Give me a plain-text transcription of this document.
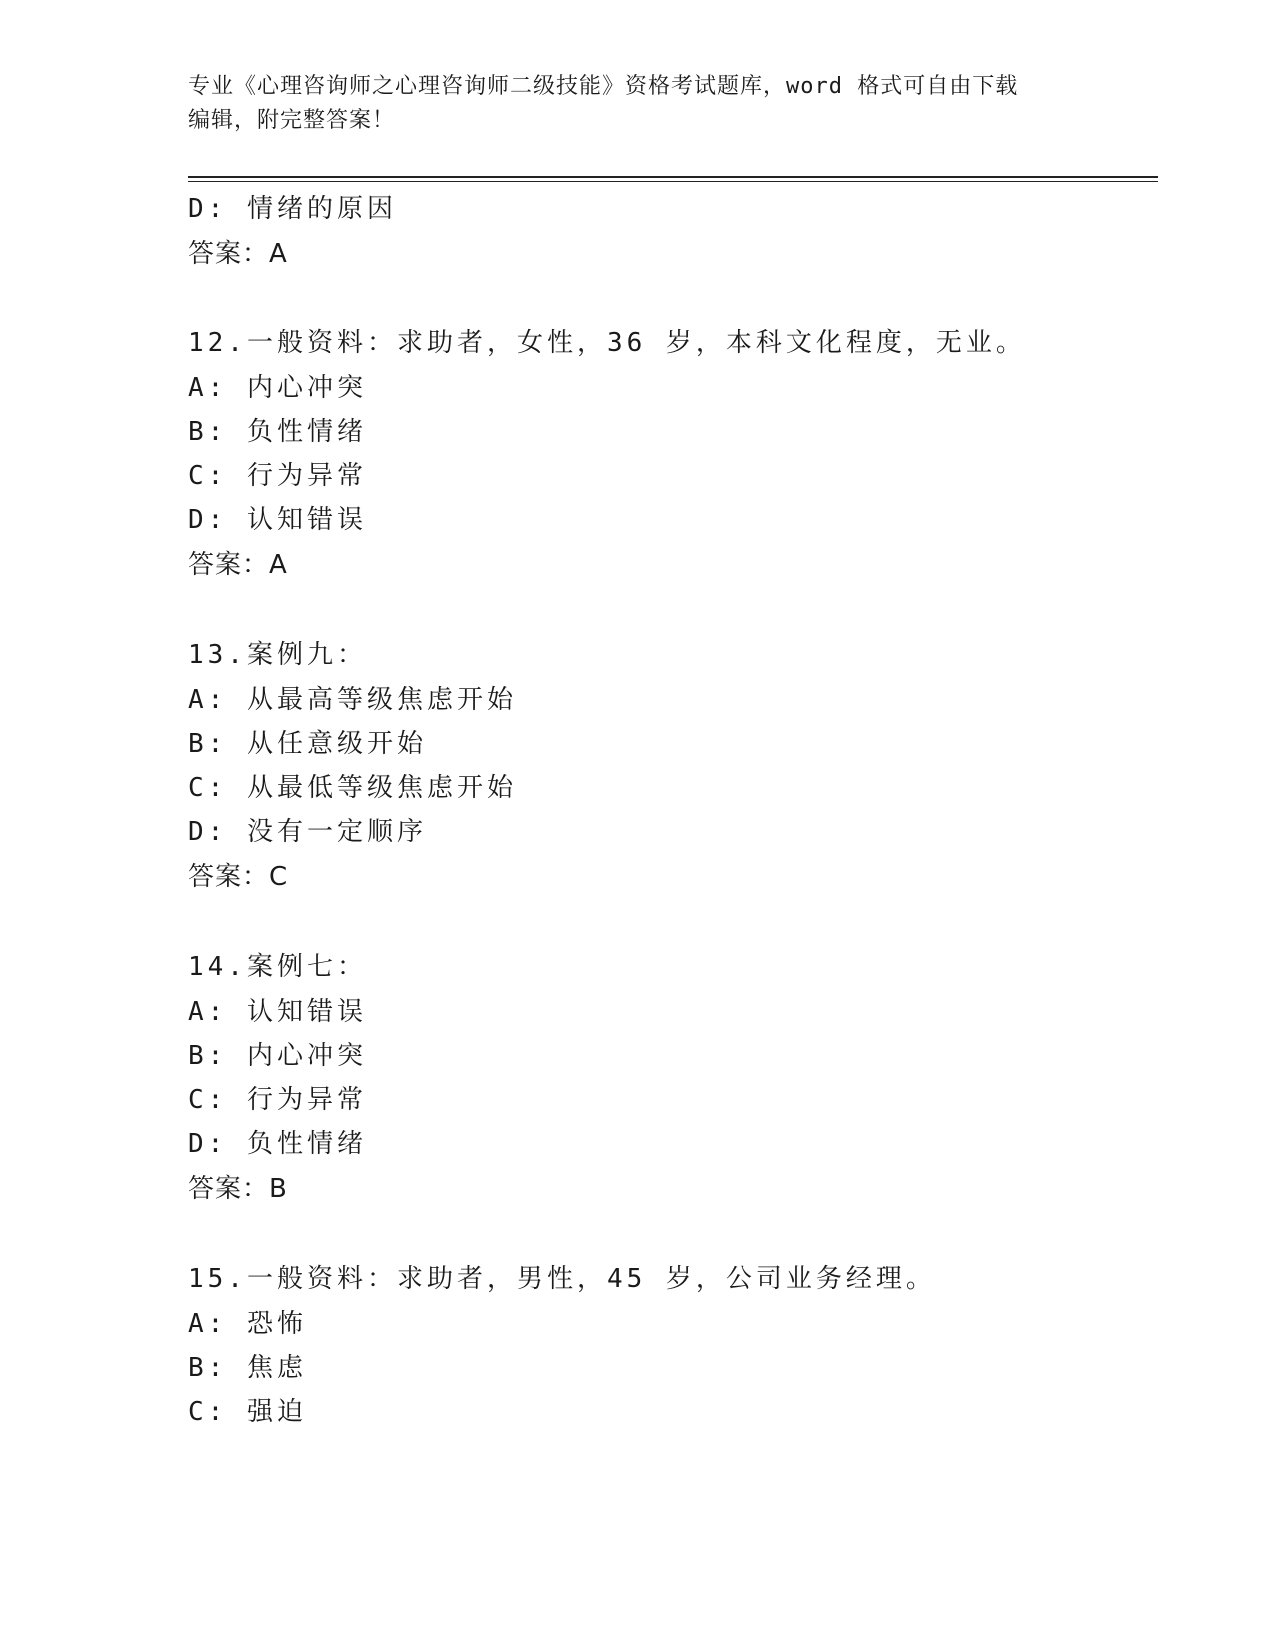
专业《心理咨询师之心理咨询师二级技能》资格考试题库，word 格式可自由下载
编辑，附完整答案！
D: 情绪的原因
答案：A
12.一般资料：求助者，女性，36 岁，本科文化程度，无业。
A: 内心冲突
B: 负性情绪
C: 行为异常
D: 认知错误
答案：A
13.案例九：
A: 从最高等级焦虑开始
B: 从任意级开始
C: 从最低等级焦虑开始
D: 没有一定顺序
答案：C
14.案例七：
A: 认知错误
B: 内心冲突
C: 行为异常
D: 负性情绪
答案：B
15.一般资料：求助者，男性，45 岁，公司业务经理。
A: 恐怖
B: 焦虑
C: 强迫
